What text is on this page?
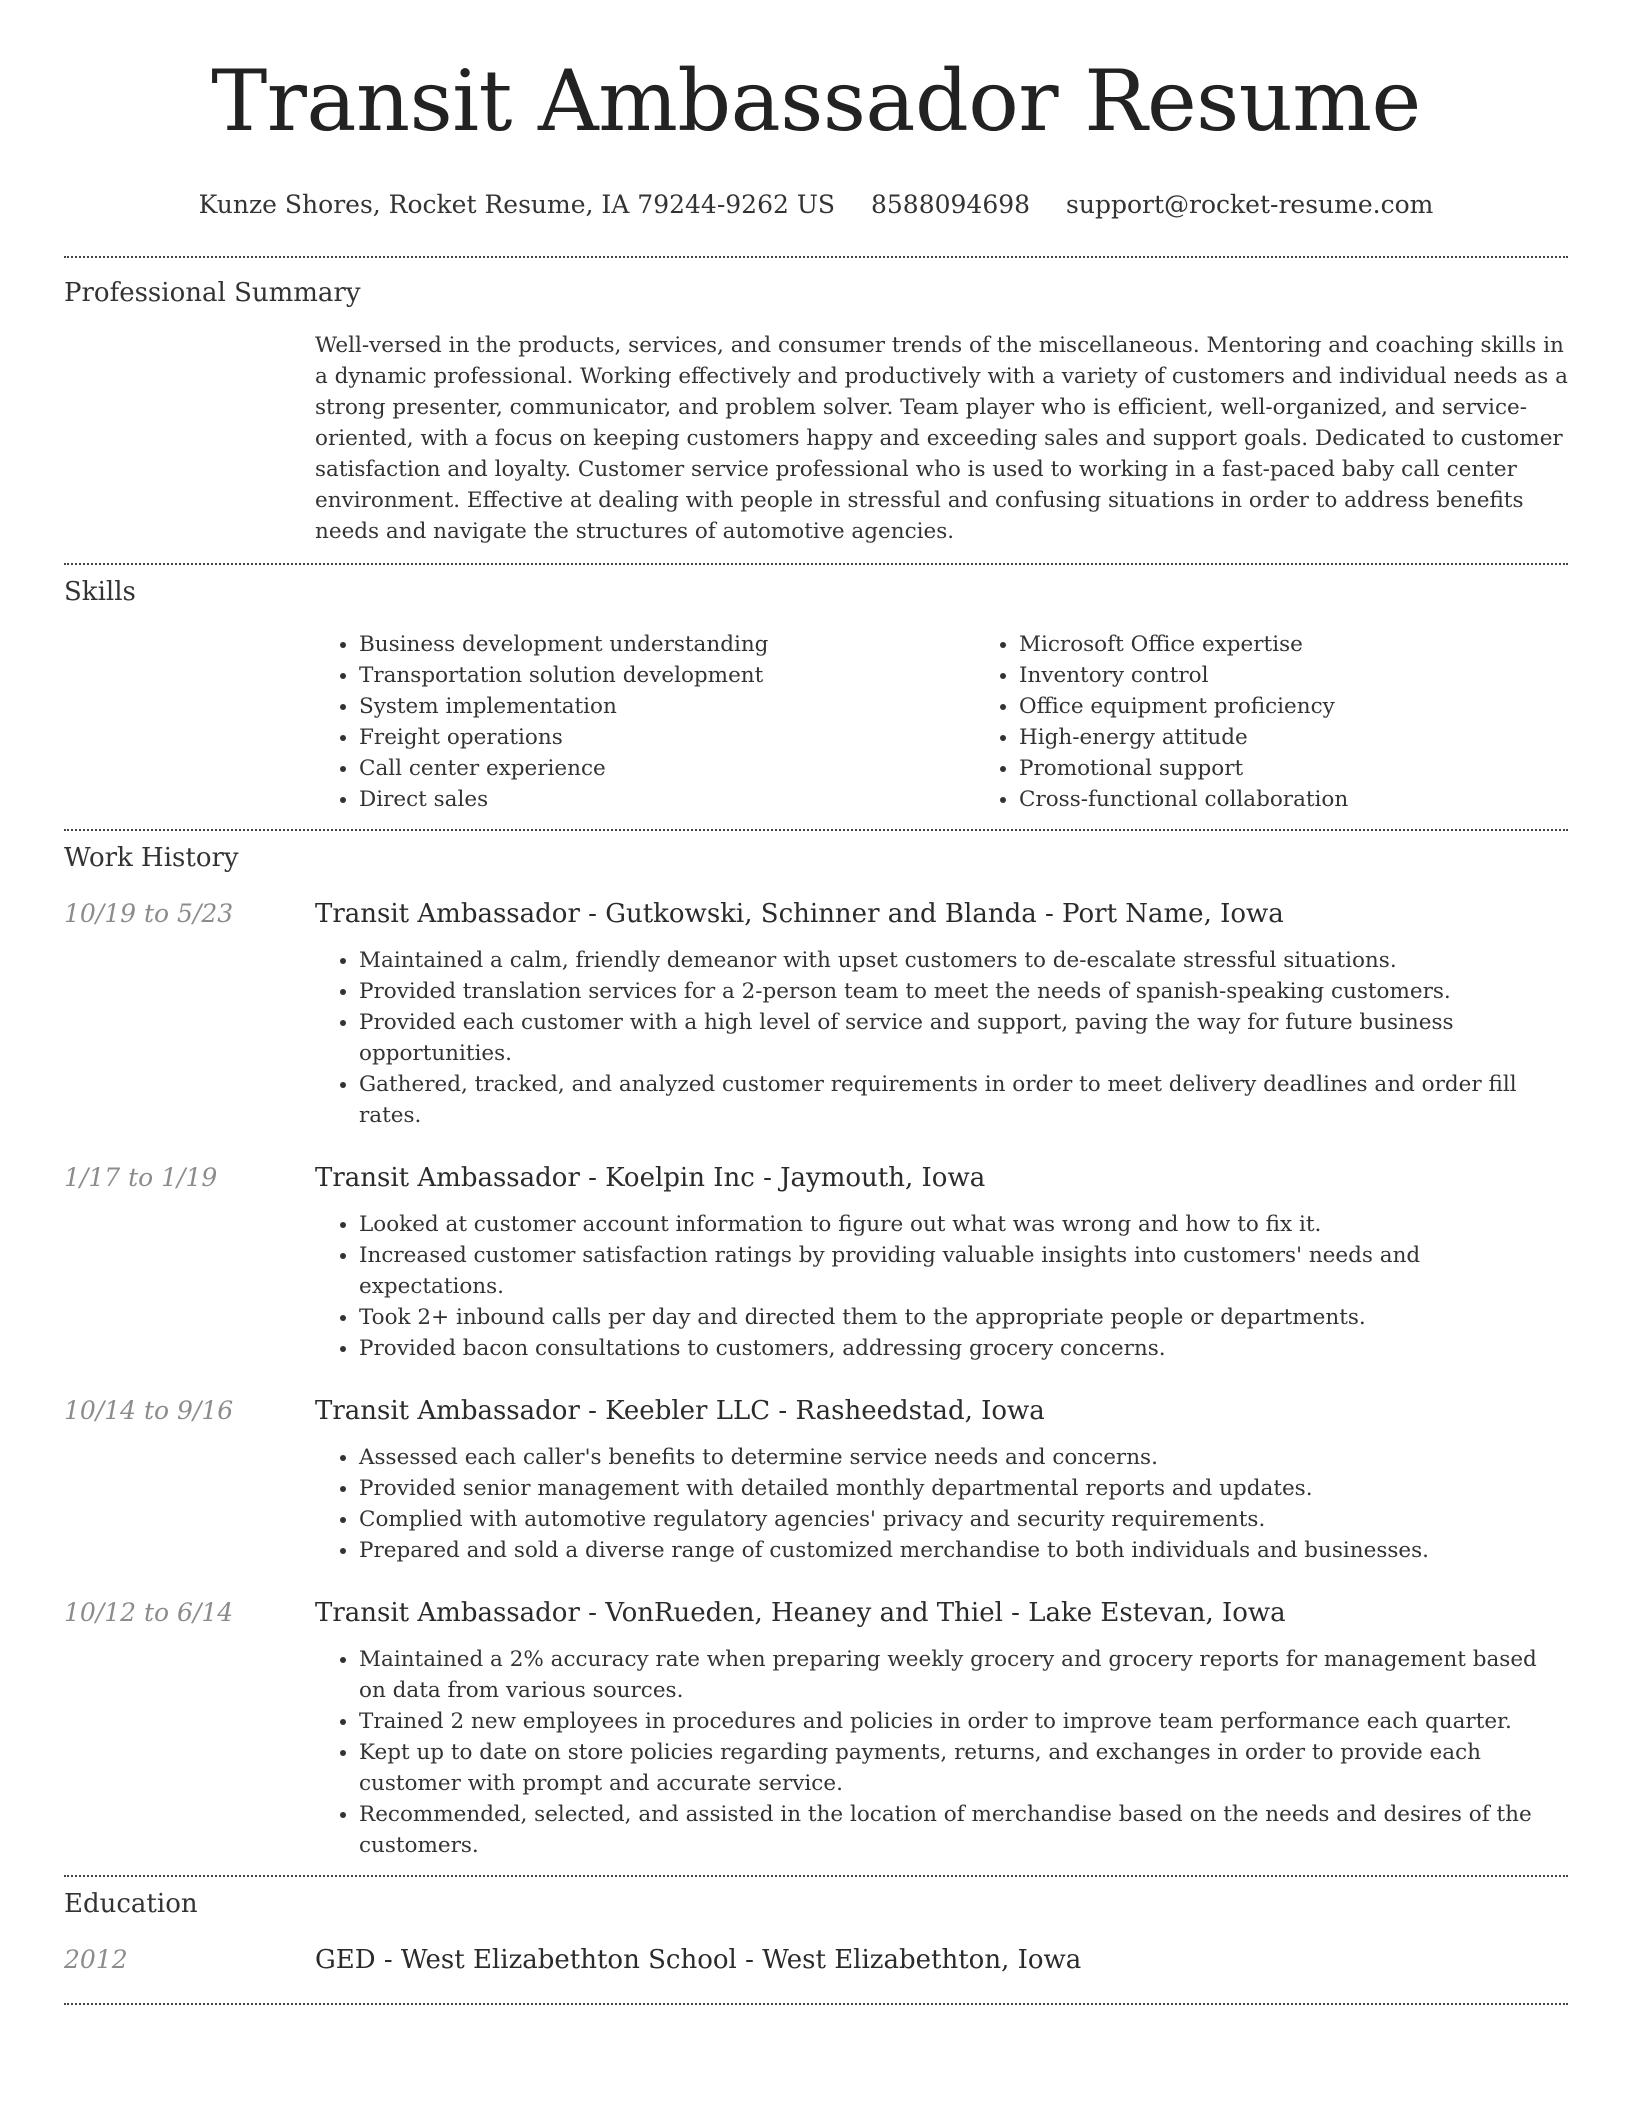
Transit Ambassador Resume
Kunze Shores, Rocket Resume, IA 79244-9262 US 8588094698 support@rocket-resume.com
Professional Summary

Well-versed in the products, services, and consumer trends of the miscellaneous. Mentoring and coaching skills in a dynamic professional. Working effectively and productively with a variety of customers and individual needs as a strong presenter, communicator, and problem solver. Team player who is efficient, well-organized, and service-oriented, with a focus on keeping customers happy and exceeding sales and support goals. Dedicated to customer satisfaction and loyalty. Customer service professional who is used to working in a fast-paced baby call center environment. Effective at dealing with people in stressful and confusing situations in order to address benefits needs and navigate the structures of automotive agencies.

Skills
• Business development understanding
• Transportation solution development
• System implementation
• Freight operations
• Call center experience
• Direct sales
• Microsoft Office expertise
• Inventory control
• Office equipment proficiency
• High-energy attitude
• Promotional support
• Cross-functional collaboration
Work History
10/19 to 5/23	Transit Ambassador - Gutkowski, Schinner and Blanda - Port Name, Iowa
• Maintained a calm, friendly demeanor with upset customers to de-escalate stressful situations.
• Provided translation services for a 2-person team to meet the needs of spanish-speaking customers.
• Provided each customer with a high level of service and support, paving the way for future business opportunities.
• Gathered, tracked, and analyzed customer requirements in order to meet delivery deadlines and order fill rates.
1/17 to 1/19	Transit Ambassador - Koelpin Inc - Jaymouth, Iowa
• Looked at customer account information to figure out what was wrong and how to fix it.
• Increased customer satisfaction ratings by providing valuable insights into customers' needs and expectations.
• Took 2+ inbound calls per day and directed them to the appropriate people or departments.
• Provided bacon consultations to customers, addressing grocery concerns.
10/14 to 9/16	Transit Ambassador - Keebler LLC - Rasheedstad, Iowa
• Assessed each caller's benefits to determine service needs and concerns.
• Provided senior management with detailed monthly departmental reports and updates.
• Complied with automotive regulatory agencies' privacy and security requirements.
• Prepared and sold a diverse range of customized merchandise to both individuals and businesses.
10/12 to 6/14	Transit Ambassador - VonRueden, Heaney and Thiel - Lake Estevan, Iowa
• Maintained a 2% accuracy rate when preparing weekly grocery and grocery reports for management based on data from various sources.
• Trained 2 new employees in procedures and policies in order to improve team performance each quarter.
• Kept up to date on store policies regarding payments, returns, and exchanges in order to provide each customer with prompt and accurate service.
• Recommended, selected, and assisted in the location of merchandise based on the needs and desires of the customers.
Education
2012	GED - West Elizabethton School - West Elizabethton, Iowa
